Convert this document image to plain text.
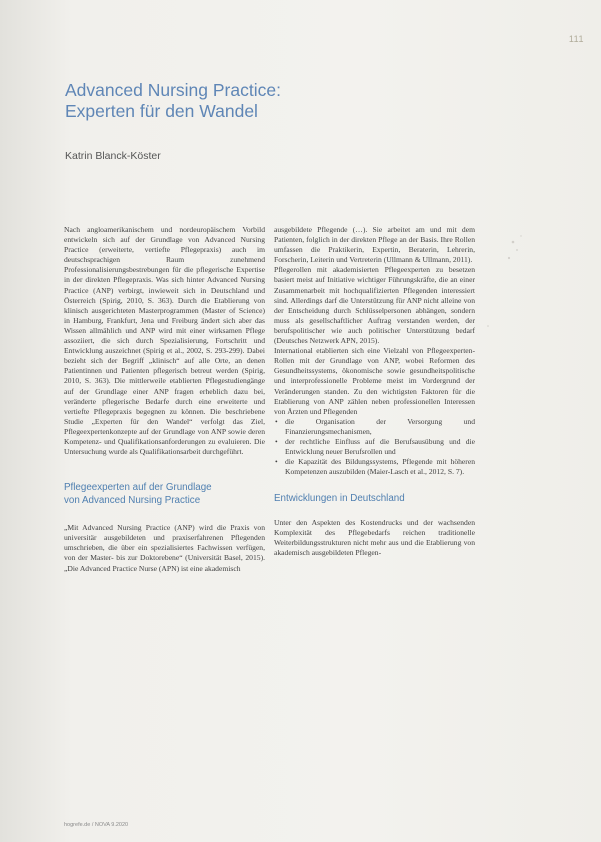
111
Advanced Nursing Practice:
Experten für den Wandel

Katrin Blanck-Köster

Nach angloamerikanischem und nordeuropäischem Vorbild entwickeln sich auf der Grundlage von Advanced Nursing Practice (erweiterte, vertiefte Pflegepraxis) auch im deutschsprachigen Raum zunehmend Professionalisierungsbestrebungen für die pflegerische Expertise in der direkten Pflegepraxis. Was sich hinter Advanced Nursing Practice (ANP) verbirgt, inwieweit sich in Deutschland und Österreich (Spirig, 2010, S. 363). Durch die Etablierung von klinisch ausgerichteten Masterprogrammen (Master of Science) in Hamburg, Frankfurt, Jena und Freiburg ändert sich aber das Wissen allmählich und ANP wird mit einer wirksamen Pflege assoziiert, die sich durch Spezialisierung, Fortschritt und Entwicklung auszeichnet (Spirig et al., 2002, S. 293-299). Dabei bezieht sich der Begriff „klinisch“ auf alle Orte, an denen Patientinnen und Patienten pflegerisch betreut werden (Spirig, 2010, S. 363). Die mittlerweile etablierten Pflegestudiengänge auf der Grundlage einer ANP fragen erheblich dazu bei, veränderte pflegerische Bedarfe durch eine erweiterte und vertiefte Pflegepraxis begegnen zu können. Die beschriebene Studie „Experten für den Wandel“ verfolgt das Ziel, Pflegeexpertenkonzepte auf der Grundlage von ANP sowie deren Kompetenz- und Qualifikationsanforderungen zu evaluieren. Die Untersuchung wurde als Qualifikationsarbeit durchgeführt.

Pflegeexperten auf der Grundlage
von Advanced Nursing Practice

„Mit Advanced Nursing Practice (ANP) wird die Praxis von universitär ausgebildeten und praxiserfahrenen Pflegenden umschrieben, die über ein spezialisiertes Fachwissen verfügen, von der Master- bis zur Doktorebene“ (Universität Basel, 2015). „Die Advanced Practice Nurse (APN) ist eine akademisch

ausgebildete Pflegende (…). Sie arbeitet am und mit dem Patienten, folglich in der direkten Pflege an der Basis. Ihre Rollen umfassen die Praktikerin, Expertin, Beraterin, Lehrerin, Forscherin, Leiterin und Vertreterin (Ullmann & Ullmann, 2011).

Pflegerollen mit akademisierten Pflegeexperten zu besetzen basiert meist auf Initiative wichtiger Führungskräfte, die an einer Zusammenarbeit mit hochqualifizierten Pflegenden interessiert sind. Allerdings darf die Unterstützung für ANP nicht alleine von der Entscheidung durch Schlüsselpersonen abhängen, sondern muss als gesellschaftlicher Auftrag verstanden werden, der berufspolitischer wie auch politischer Unterstützung bedarf (Deutsches Netzwerk APN, 2015).

International etablierten sich eine Vielzahl von Pflegeexperten-Rollen mit der Grundlage von ANP, wobei Reformen des Gesundheitssystems, ökonomische sowie gesundheitspolitische und interprofessionelle Probleme meist im Vordergrund der Veränderungen standen. Zu den wichtigsten Faktoren für die Etablierung von ANP zählen neben professionellen Interessen von Ärzten und Pflegenden

• die Organisation der Versorgung und Finanzierungsmechanismen,
• der rechtliche Einfluss auf die Berufsausübung und die Entwicklung neuer Berufsrollen und
• die Kapazität des Bildungssystems, Pflegende mit höheren Kompetenzen auszubilden (Maier-Lasch et al., 2012, S. 7).
Entwicklungen in Deutschland

Unter den Aspekten des Kostendrucks und der wachsenden Komplexität des Pflegebedarfs reichen traditionelle Weiterbildungsstrukturen nicht mehr aus und die Etablierung von akademisch ausgebildeten Pflegen-

hogrefe.de / NOVA 9.2020
